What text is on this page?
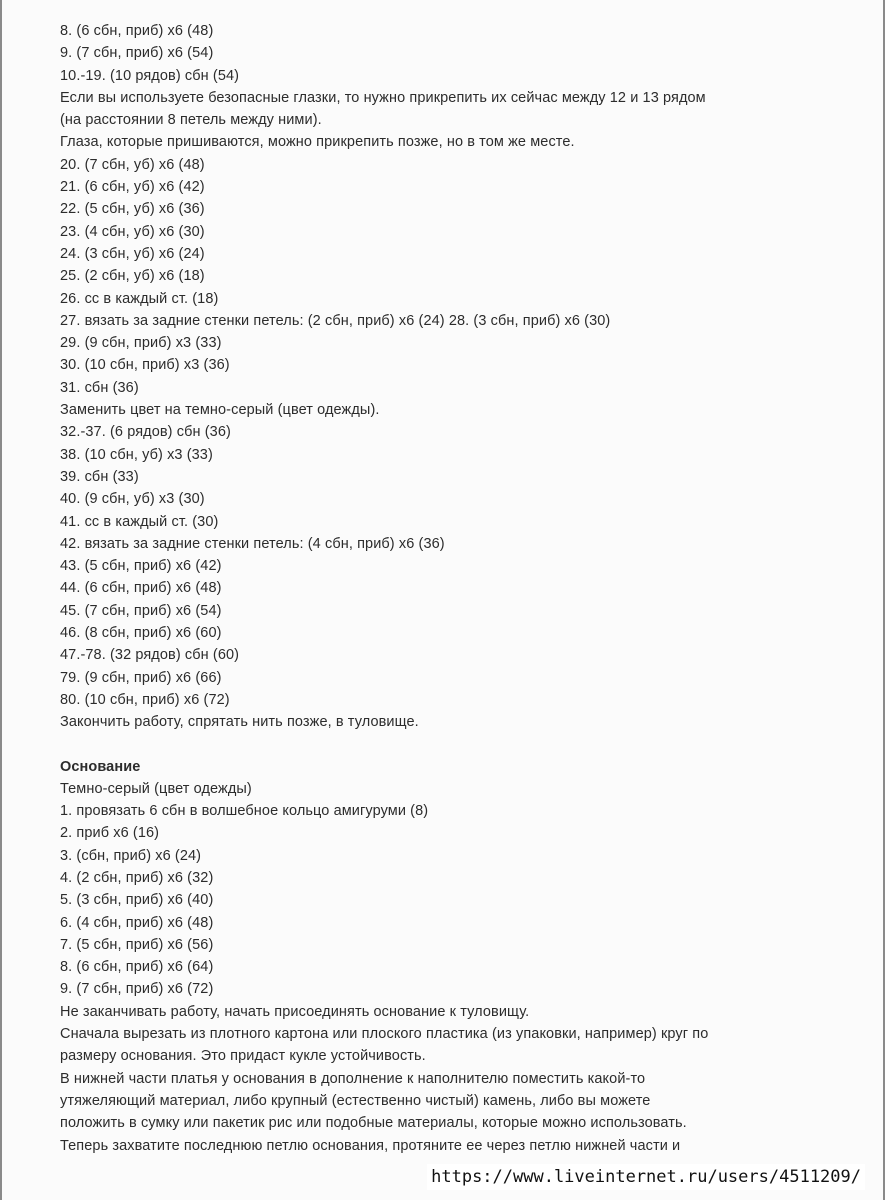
8. (6 сбн, приб) х6 (48)
9. (7 сбн, приб) х6 (54)
10.-19. (10 рядов) сбн (54)
Если вы используете безопасные глазки, то нужно прикрепить их сейчас между 12 и 13 рядом
(на расстоянии 8 петель между ними).
Глаза, которые пришиваются, можно прикрепить позже, но в том же месте.
20. (7 сбн, уб) х6 (48)
21. (6 сбн, уб) х6 (42)
22. (5 сбн, уб) х6 (36)
23. (4 сбн, уб) х6 (30)
24. (3 сбн, уб) х6 (24)
25. (2 сбн, уб) х6 (18)
26. сс в каждый ст. (18)
27. вязать за задние стенки петель: (2 сбн, приб) х6 (24) 28. (3 сбн, приб) х6 (30)
29. (9 сбн, приб) х3 (33)
30. (10 сбн, приб) х3 (36)
31. сбн (36)
Заменить цвет на темно-серый (цвет одежды).
32.-37. (6 рядов) сбн (36)
38. (10 сбн, уб) х3 (33)
39. сбн (33)
40. (9 сбн, уб) х3 (30)
41. сс в каждый ст. (30)
42. вязать за задние стенки петель: (4 сбн, приб) х6 (36)
43. (5 сбн, приб) х6 (42)
44. (6 сбн, приб) х6 (48)
45. (7 сбн, приб) х6 (54)
46. (8 сбн, приб) х6 (60)
47.-78. (32 рядов) сбн (60)
79. (9 сбн, приб) х6 (66)
80. (10 сбн, приб) х6 (72)
Закончить работу, спрятать нить позже, в туловище.
Основание
Темно-серый (цвет одежды)
1. провязать 6 сбн в волшебное кольцо амигуруми (8)
2. приб х6 (16)
3. (сбн, приб) х6 (24)
4. (2 сбн, приб) х6 (32)
5. (3 сбн, приб) х6 (40)
6. (4 сбн, приб) х6 (48)
7. (5 сбн, приб) х6 (56)
8. (6 сбн, приб) х6 (64)
9. (7 сбн, приб) х6 (72)
Не заканчивать работу, начать присоединять основание к туловищу.
Сначала вырезать из плотного картона или плоского пластика (из упаковки, например) круг по
размеру основания. Это придаст кукле устойчивость.
В нижней части платья у основания в дополнение к наполнителю поместить какой-то
утяжеляющий материал, либо крупный (естественно чистый) камень, либо вы можете
положить в сумку или пакетик рис или подобные материалы, которые можно использовать.
Теперь захватите последнюю петлю основания, протяните ее через петлю нижней части и
https://www.liveinternet.ru/users/4511209/
